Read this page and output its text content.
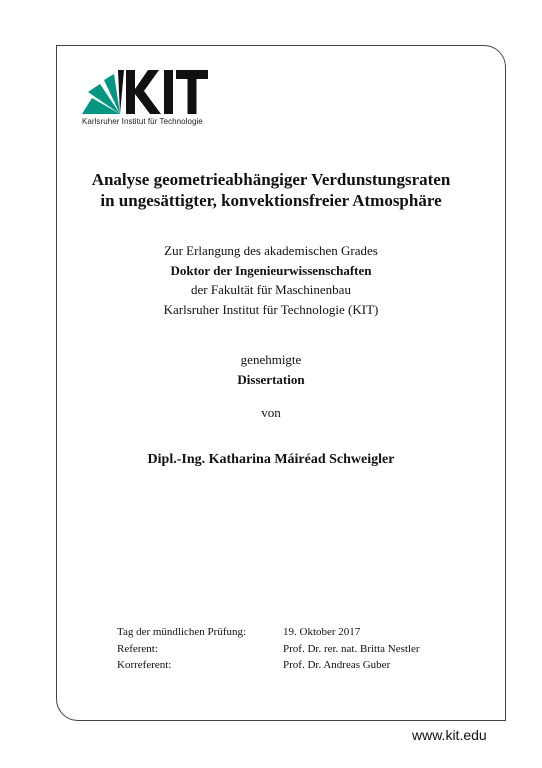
Karlsruher Institut für Technologie
Analyse geometrieabhängiger Verdunstungsraten
in ungesättigter, konvektionsfreier Atmosphäre
Zur Erlangung des akademischen Grades
Doktor der Ingenieurwissenschaften
der Fakultät für Maschinenbau
Karlsruher Institut für Technologie (KIT)
genehmigte
Dissertation
von
Dipl.-Ing. Katharina Máiréad Schweigler
Tag der mündlichen Prüfung:	19. Oktober 2017
Referent:	Prof. Dr. rer. nat. Britta Nestler
Korreferent:	Prof. Dr. Andreas Guber
www.kit.edu
